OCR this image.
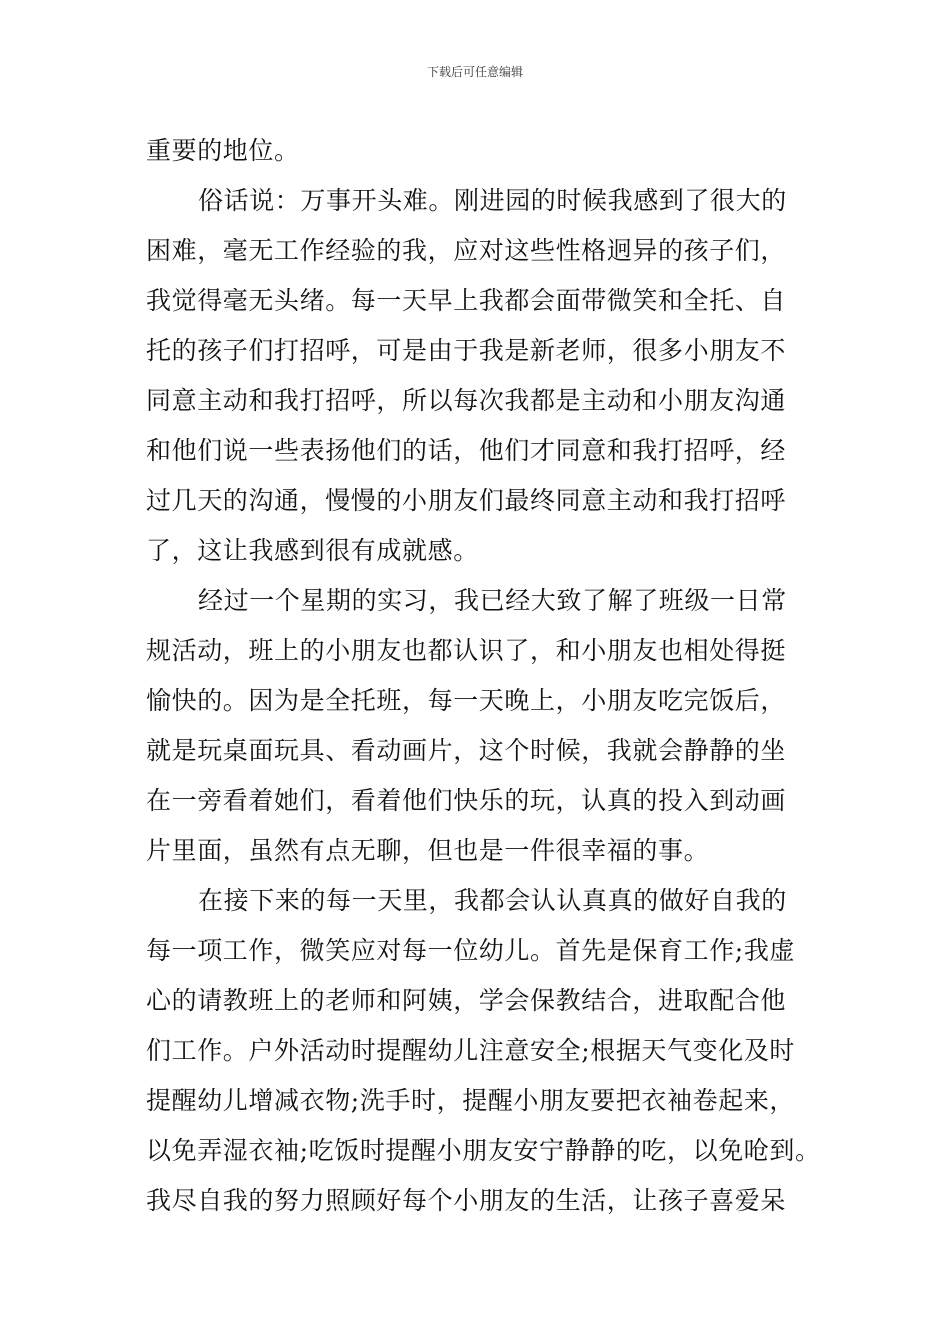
下载后可任意编辑
重要的地位。
俗话说：万事开头难。刚进园的时候我感到了很大的
困难，毫无工作经验的我，应对这些性格迥异的孩子们，
我觉得毫无头绪。每一天早上我都会面带微笑和全托、自
托的孩子们打招呼，可是由于我是新老师，很多小朋友不
同意主动和我打招呼，所以每次我都是主动和小朋友沟通
和他们说一些表扬他们的话，他们才同意和我打招呼，经
过几天的沟通，慢慢的小朋友们最终同意主动和我打招呼
了，这让我感到很有成就感。
经过一个星期的实习，我已经大致了解了班级一日常
规活动，班上的小朋友也都认识了，和小朋友也相处得挺
愉快的。因为是全托班，每一天晚上，小朋友吃完饭后，
就是玩桌面玩具、看动画片，这个时候，我就会静静的坐
在一旁看着她们，看着他们快乐的玩，认真的投入到动画
片里面，虽然有点无聊，但也是一件很幸福的事。
在接下来的每一天里，我都会认认真真的做好自我的
每一项工作，微笑应对每一位幼儿。首先是保育工作;我虚
心的请教班上的老师和阿姨，学会保教结合，进取配合他
们工作。户外活动时提醒幼儿注意安全;根据天气变化及时
提醒幼儿增减衣物;洗手时，提醒小朋友要把衣袖卷起来，
以免弄湿衣袖;吃饭时提醒小朋友安宁静静的吃，以免呛到。
我尽自我的努力照顾好每个小朋友的生活，让孩子喜爱呆
